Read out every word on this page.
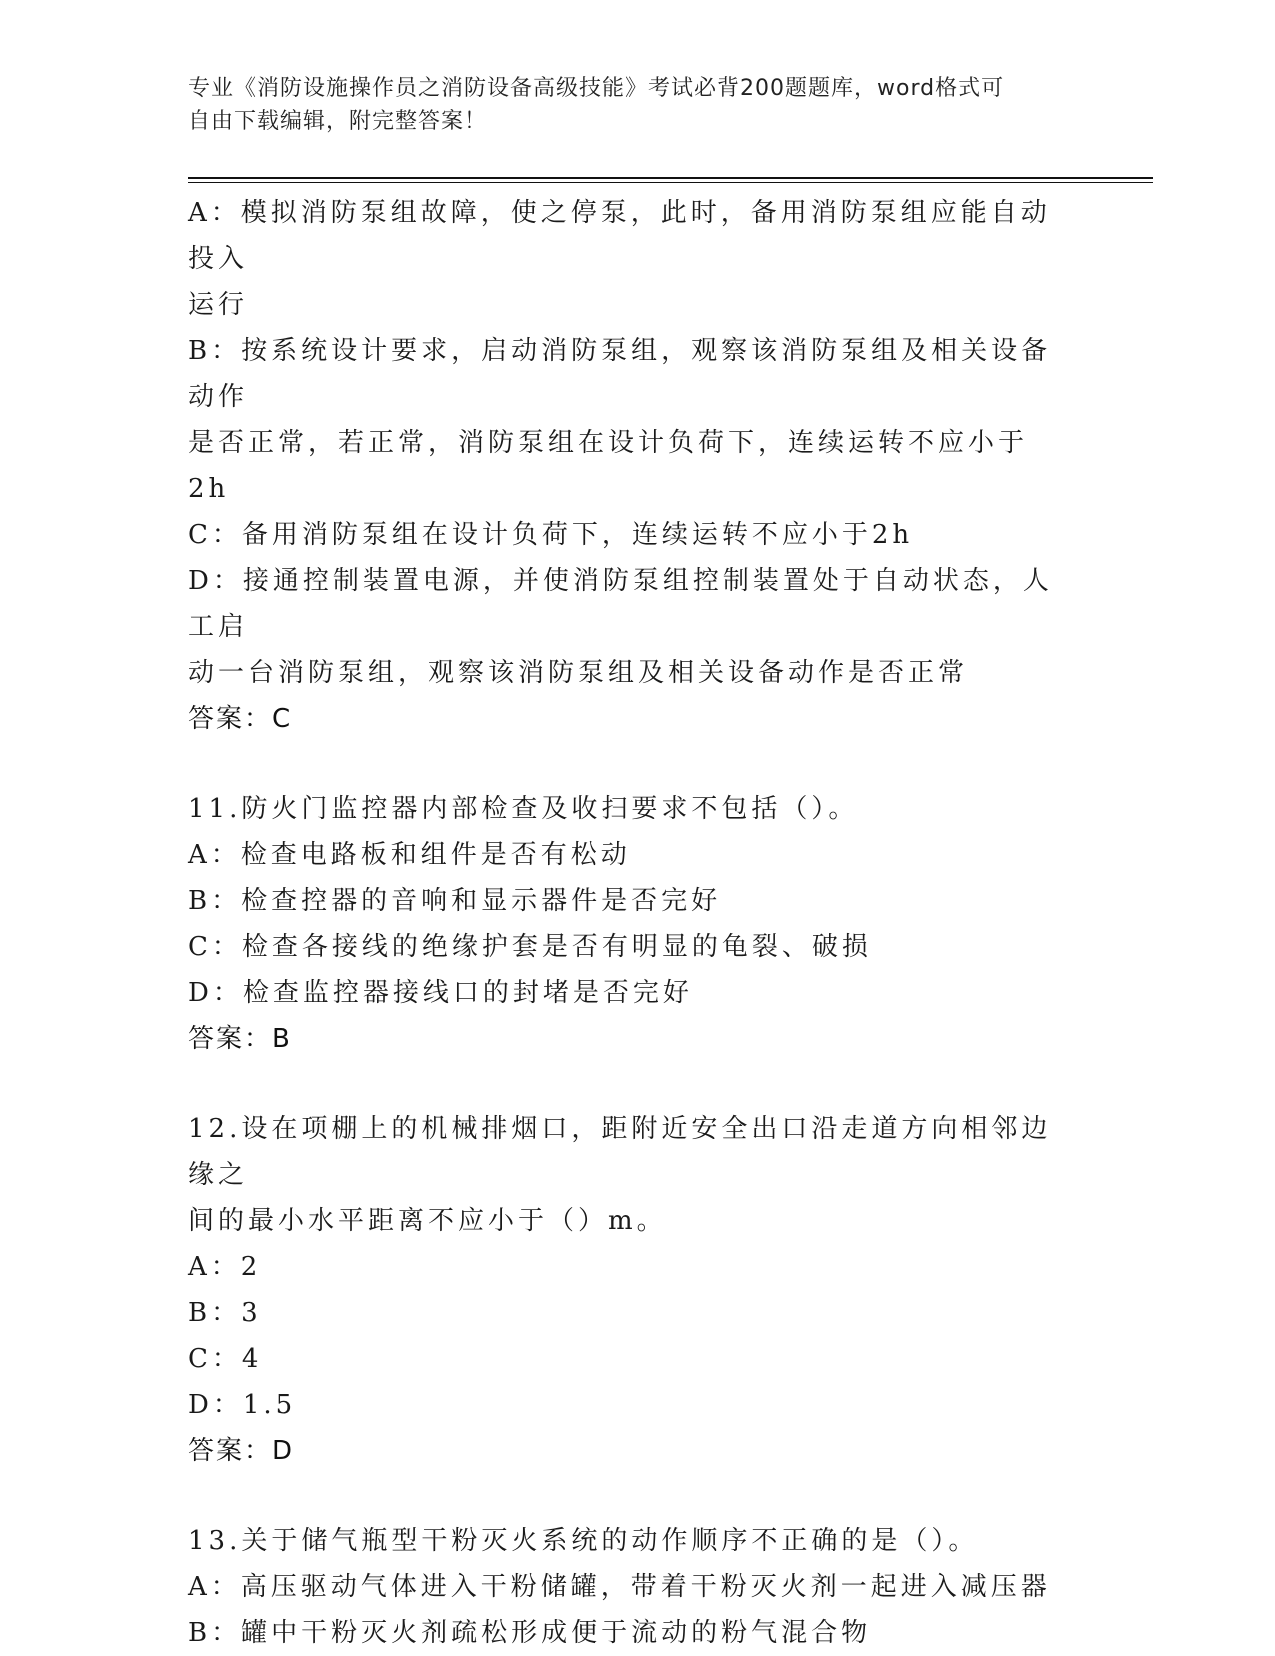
专业《消防设施操作员之消防设备高级技能》考试必背200题题库，word格式可
自由下载编辑，附完整答案！
A：模拟消防泵组故障，使之停泵，此时，备用消防泵组应能自动投入
运行
B：按系统设计要求，启动消防泵组，观察该消防泵组及相关设备动作
是否正常，若正常，消防泵组在设计负荷下，连续运转不应小于2h
C：备用消防泵组在设计负荷下，连续运转不应小于2h
D：接通控制装置电源，并使消防泵组控制装置处于自动状态，人工启
动一台消防泵组，观察该消防泵组及相关设备动作是否正常
答案：C
11.防火门监控器内部检查及收扫要求不包括（）。
A：检查电路板和组件是否有松动
B：检查控器的音响和显示器件是否完好
C：检查各接线的绝缘护套是否有明显的龟裂、破损
D：检查监控器接线口的封堵是否完好
答案：B
12.设在项棚上的机械排烟口，距附近安全出口沿走道方向相邻边缘之
间的最小水平距离不应小于（）m。
A：2
B：3
C：4
D：1.5
答案：D
13.关于储气瓶型干粉灭火系统的动作顺序不正确的是（）。
A：高压驱动气体进入干粉储罐，带着干粉灭火剂一起进入减压器
B：罐中干粉灭火剂疏松形成便于流动的粉气混合物
